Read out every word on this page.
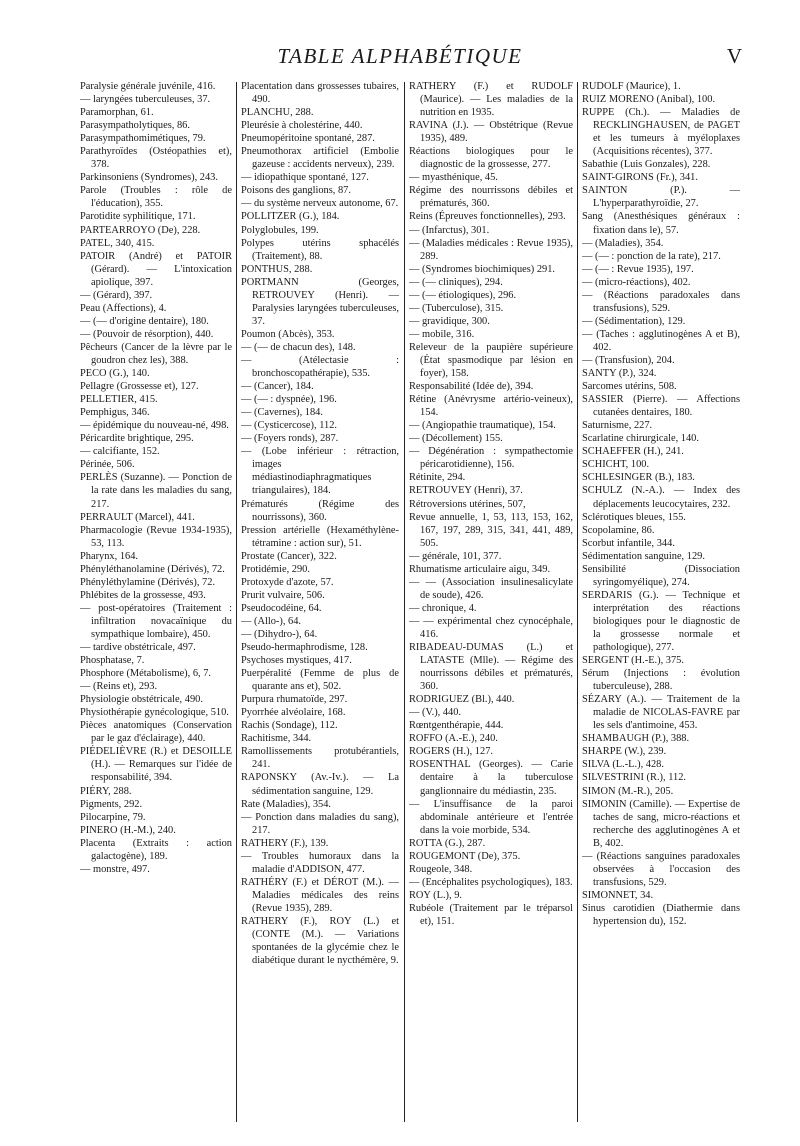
TABLE ALPHABÉTIQUE	V

Paralysie générale juvénile, 416.

— laryngées tuberculeuses, 37.

Paramorphan, 61.

Parasympatholytiques, 86.

Parasympathomimétiques, 79.

Parathyroïdes (Ostéopathies et), 378.

Parkinsoniens (Syndromes), 243.

Parole (Troubles : rôle de l'éducation), 355.

Parotidite syphilitique, 171.

PARTEARROYO (De), 228.

PATEL, 340, 415.

PATOIR (André) et PATOIR (Gérard). — L'intoxication apiolique, 397.

— (Gérard), 397.

Peau (Affections), 4.

— (— d'origine dentaire), 180.

— (Pouvoir de résorption), 440.

Pêcheurs (Cancer de la lèvre par le goudron chez les), 388.

PECO (G.), 140.

Pellagre (Grossesse et), 127.

PELLETIER, 415.

Pemphigus, 346.

— épidémique du nouveau-né, 498.

Péricardite brightique, 295.

— calcifiante, 152.

Périnée, 506.

PERLÈS (Suzanne). — Ponction de la rate dans les maladies du sang, 217.

PERRAULT (Marcel), 441.

Pharmacologie (Revue 1934-1935), 53, 113.

Pharynx, 164.

Phényléthanolamine (Dérivés), 72.

Phényléthylamine (Dérivés), 72.

Phlébites de la grossesse, 493.

— post-opératoires (Traitement : infiltration novacaïnique du sympathique lombaire), 450.

— tardive obstétricale, 497.

Phosphatase, 7.

Phosphore (Métabolisme), 6, 7.

— (Reins et), 293.

Physiologie obstétricale, 490.

Physiothérapie gynécologique, 510.

Pièces anatomiques (Conservation par le gaz d'éclairage), 440.

PIÉDELIÈVRE (R.) et DESOILLE (H.). — Remarques sur l'idée de responsabilité, 394.

PIÉRY, 288.

Pigments, 292.

Pilocarpine, 79.

PINERO (H.-M.), 240.

Placenta (Extraits : action galactogène), 189.

— monstre, 497.

Placentation dans grossesses tubaires, 490.

PLANCHU, 288.

Pleurésie à cholestérine, 440.

Pneumopéritoine spontané, 287.

Pneumothorax artificiel (Embolie gazeuse : accidents nerveux), 239.

— idiopathique spontané, 127.

Poisons des ganglions, 87.

— du système nerveux autonome, 67.

POLLITZER (G.), 184.

Polyglobules, 199.

Polypes utérins sphacélés (Traitement), 88.

PONTHUS, 288.

PORTMANN (Georges, RETROUVEY (Henri). — Paralysies laryngées tuberculeuses, 37.

Poumon (Abcès), 353.

— (— de chacun des), 148.

— (Atélectasie : bronchoscopathérapie), 535.

— (Cancer), 184.

— (— : dyspnée), 196.

— (Cavernes), 184.

— (Cysticercose), 112.

— (Foyers ronds), 287.

— (Lobe inférieur : rétraction, images médiastinodiaphragmatiques triangulaires), 184.

Prématurés (Régime des nourrissons), 360.

Pression artérielle (Hexaméthylène-tétramine : action sur), 51.

Prostate (Cancer), 322.

Protidémie, 290.

Protoxyde d'azote, 57.

Prurit vulvaire, 506.

Pseudocodéine, 64.

— (Allo-), 64.

— (Dihydro-), 64.

Pseudo-hermaphrodisme, 128.

Psychoses mystiques, 417.

Puerpéralité (Femme de plus de quarante ans et), 502.

Purpura rhumatoïde, 297.

Pyorrhée alvéolaire, 168.

Rachis (Sondage), 112.

Rachitisme, 344.

Ramollissements protubérantiels, 241.

RAPONSKY (Av.-Iv.). — La sédimentation sanguine, 129.

Rate (Maladies), 354.

— Ponction dans maladies du sang), 217.

RATHERY (F.), 139.

— Troubles humoraux dans la maladie d'ADDISON, 477.

RATHÉRY (F.) et DÉROT (M.). — Maladies médicales des reins (Revue 1935), 289.

RATHERY (F.), ROY (L.) et (CONTE (M.). — Variations spontanées de la glycémie chez le diabétique durant le nycthémère, 9.

RATHERY (F.) et RUDOLF (Maurice). — Les maladies de la nutrition en 1935.

RAVINA (J.). — Obstétrique (Revue 1935), 489.

Réactions biologiques pour le diagnostic de la grossesse, 277.

— myasthénique, 45.

Régime des nourrissons débiles et prématurés, 360.

Reins (Épreuves fonctionnelles), 293.

— (Infarctus), 301.

— (Maladies médicales : Revue 1935), 289.

— (Syndromes biochimiques) 291.

— (— cliniques), 294.

— (— étiologiques), 296.

— (Tuberculose), 315.

— gravidique, 300.

— mobile, 316.

Releveur de la paupière supérieure (État spasmodique par lésion en foyer), 158.

Responsabilité (Idée de), 394.

Rétine (Anévrysme artério-veineux), 154.

— (Angiopathie traumatique), 154.

— (Décollement) 155.

— Dégénération : sympathectomie péricarotidienne), 156.

Rétinite, 294.

RETROUVEY (Henri), 37.

Rétroversions utérines, 507,

Revue annuelle, 1, 53, 113, 153, 162, 167, 197, 289, 315, 341, 441, 489, 505.

— générale, 101, 377.

Rhumatisme articulaire aigu, 349.

— — (Association insulinesalicylate de soude), 426.

— chronique, 4.

— — expérimental chez cynocéphale, 416.

RIBADEAU-DUMAS (L.) et LATASTE (Mlle). — Régime des nourrissons débiles et prématurés, 360.

RODRIGUEZ (Bl.), 440.

— (V.), 440.

Rœntgenthérapie, 444.

ROFFO (A.-E.), 240.

ROGERS (H.), 127.

ROSENTHAL (Georges). — Carie dentaire à la tuberculose ganglionnaire du médiastin, 235.

— L'insuffisance de la paroi abdominale antérieure et l'entrée dans la voie morbide, 534.

ROTTA (G.), 287.

ROUGEMONT (De), 375.

Rougeole, 348.

— (Encéphalites psychologiques), 183.

ROY (L.), 9.

Rubéole (Traitement par le tréparsol et), 151.

RUDOLF (Maurice), 1.

RUIZ MORENO (Anibal), 100.

RUPPE (Ch.). — Maladies de RECKLINGHAUSEN, de PAGET et les tumeurs à myéloplaxes (Acquisitions récentes), 377.

Sabathie (Luis Gonzales), 228.

SAINT-GIRONS (Fr.), 341.

SAINTON (P.). — L'hyperparathyroïdie, 27.

Sang (Anesthésiques généraux : fixation dans le), 57.

— (Maladies), 354.

— (— : ponction de la rate), 217.

— (— : Revue 1935), 197.

— (micro-réactions), 402.

— (Réactions paradoxales dans transfusions), 529.

— (Sédimentation), 129.

— (Taches : agglutinogènes A et B), 402.

— (Transfusion), 204.

SANTY (P.), 324.

Sarcomes utérins, 508.

SASSIER (Pierre). — Affections cutanées dentaires, 180.

Saturnisme, 227.

Scarlatine chirurgicale, 140.

SCHAEFFER (H.), 241.

SCHICHT, 100.

SCHLESINGER (B.), 183.

SCHULZ (N.-A.). — Index des déplacements leucocytaires, 232.

Sclérotiques bleues, 155.

Scopolamine, 86.

Scorbut infantile, 344.

Sédimentation sanguine, 129.

Sensibilité (Dissociation syringomyélique), 274.

SERDARIS (G.). — Technique et interprétation des réactions biologiques pour le diagnostic de la grossesse normale et pathologique), 277.

SERGENT (H.-E.), 375.

Sérum (Injections : évolution tuberculeuse), 288.

SÉZARY (A.). — Traitement de la maladie de NICOLAS-FAVRE par les sels d'antimoine, 453.

SHAMBAUGH (P.), 388.

SHARPE (W.), 239.

SILVA (L.-L.), 428.

SILVESTRINI (R.), 112.

SIMON (M.-R.), 205.

SIMONIN (Camille). — Expertise de taches de sang, micro-réactions et recherche des agglutinogènes A et B, 402.

— (Réactions sanguines paradoxales observées à l'occasion des transfusions, 529.

SIMONNET, 34.

Sinus carotidien (Diathermie dans hypertension du), 152.
